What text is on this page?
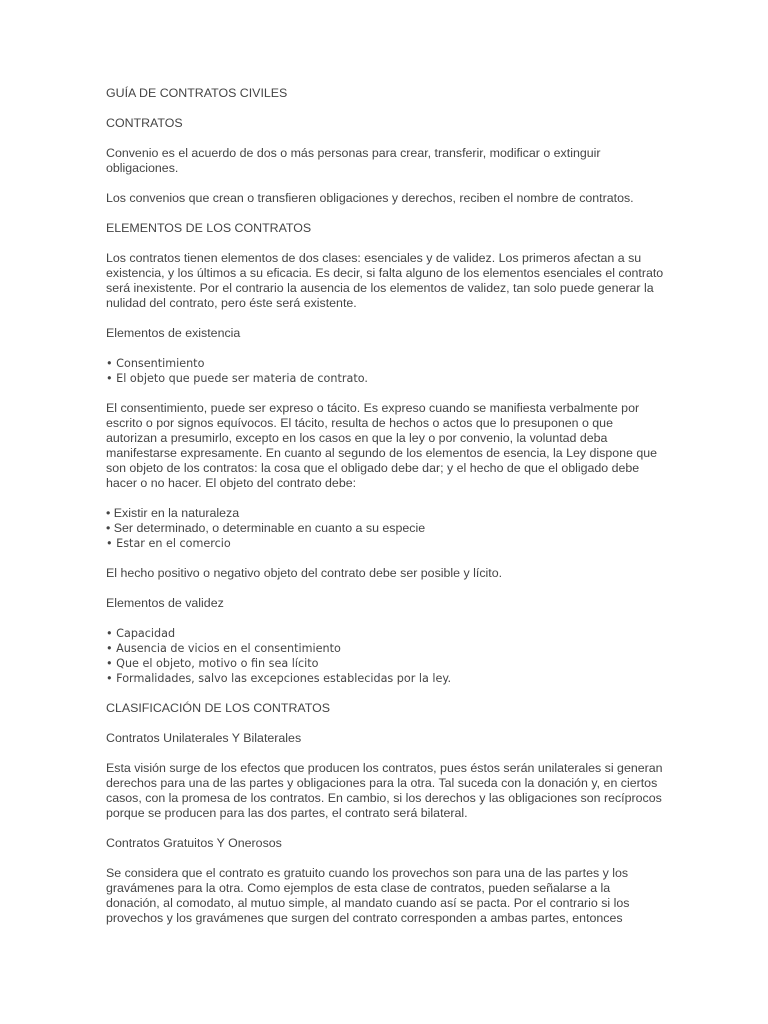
GUÍA DE CONTRATOS CIVILES

CONTRATOS

Convenio es el acuerdo de dos o más personas para crear, transferir, modificar o extinguir obligaciones.

Los convenios que crean o transfieren obligaciones y derechos, reciben el nombre de contratos.

ELEMENTOS DE LOS CONTRATOS

Los contratos tienen elementos de dos clases: esenciales y de validez. Los primeros afectan a su existencia, y los últimos a su eficacia. Es decir, si falta alguno de los elementos esenciales el contrato será inexistente. Por el contrario la ausencia de los elementos de validez, tan solo puede generar la nulidad del contrato, pero éste será existente.

Elementos de existencia

• Consentimiento
• El objeto que puede ser materia de contrato.

El consentimiento, puede ser expreso o tácito. Es expreso cuando se manifiesta verbalmente por escrito o por signos equívocos. El tácito, resulta de hechos o actos que lo presuponen o que autorizan a presumirlo, excepto en los casos en que la ley o por convenio, la voluntad deba manifestarse expresamente. En cuanto al segundo de los elementos de esencia, la Ley dispone que son objeto de los contratos: la cosa que el obligado debe dar; y el hecho de que el obligado debe hacer o no hacer. El objeto del contrato debe:

• Existir en la naturaleza
• Ser determinado, o determinable en cuanto a su especie
• Estar en el comercio

El hecho positivo o negativo objeto del contrato debe ser posible y lícito.

Elementos de validez

• Capacidad
• Ausencia de vicios en el consentimiento
• Que el objeto, motivo o fin sea lícito
• Formalidades, salvo las excepciones establecidas por la ley.

CLASIFICACIÓN DE LOS CONTRATOS

Contratos Unilaterales Y Bilaterales

Esta visión surge de los efectos que producen los contratos, pues éstos serán unilaterales si generan derechos para una de las partes y obligaciones para la otra. Tal suceda con la donación y, en ciertos casos, con la promesa de los contratos. En cambio, si los derechos y las obligaciones son recíprocos porque se producen para las dos partes, el contrato será bilateral.

Contratos Gratuitos Y Onerosos

Se considera que el contrato es gratuito cuando los provechos son para una de las partes y los gravámenes para la otra. Como ejemplos de esta clase de contratos, pueden señalarse a la donación, al comodato, al mutuo simple, al mandato cuando así se pacta. Por el contrario si los provechos y los gravámenes que surgen del contrato corresponden a ambas partes, entonces
